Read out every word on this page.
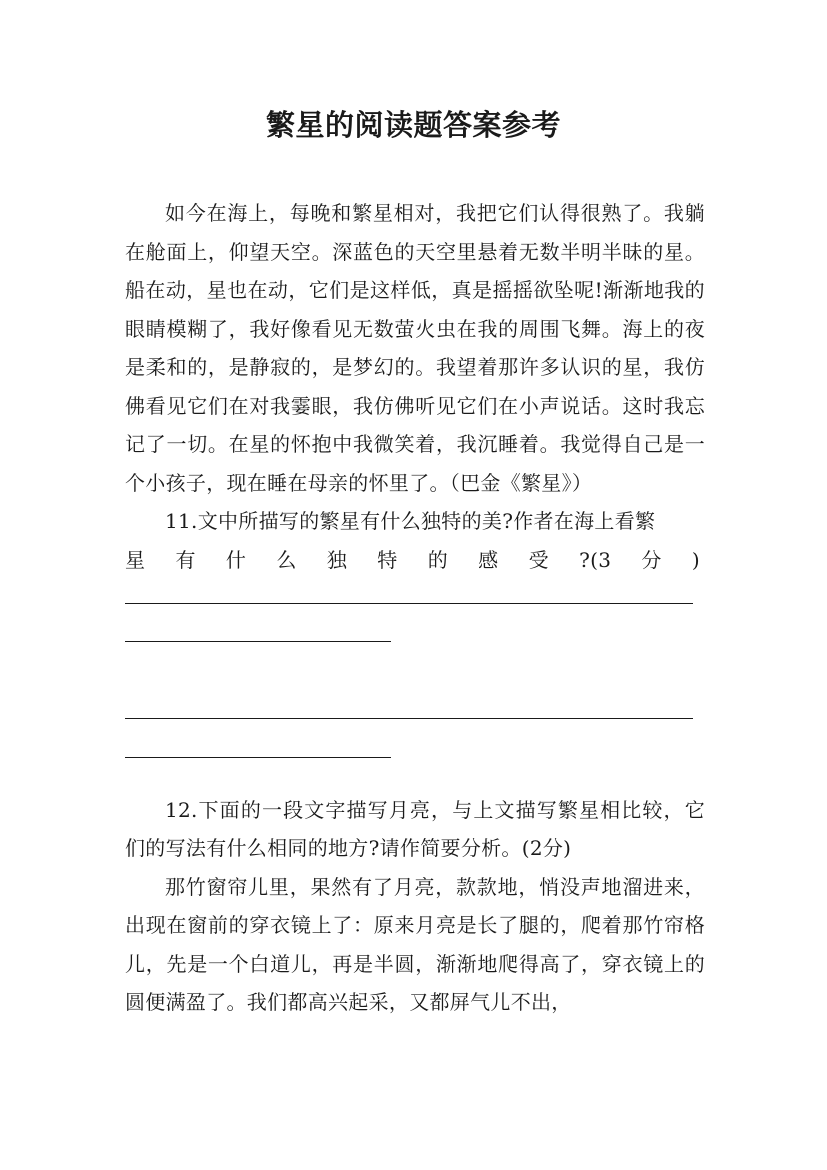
繁星的阅读题答案参考

如今在海上，每晚和繁星相对，我把它们认得很熟了。我躺在舱面上，仰望天空。深蓝色的天空里悬着无数半明半昧的星。船在动，星也在动，它们是这样低，真是摇摇欲坠呢!渐渐地我的眼睛模糊了，我好像看见无数萤火虫在我的周围飞舞。海上的夜是柔和的，是静寂的，是梦幻的。我望着那许多认识的星，我仿佛看见它们在对我霎眼，我仿佛听见它们在小声说话。这时我忘记了一切。在星的怀抱中我微笑着，我沉睡着。我觉得自己是一个小孩子，现在睡在母亲的怀里了。（巴金《繁星》）

11.文中所描写的繁星有什么独特的美?作者在海上看繁

星 有 什 么 独 特 的 感 受 ?(3 分 )

12.下面的一段文字描写月亮，与上文描写繁星相比较，它们的写法有什么相同的地方?请作简要分析。(2分)

那竹窗帘儿里，果然有了月亮，款款地，悄没声地溜进来，出现在窗前的穿衣镜上了：原来月亮是长了腿的，爬着那竹帘格儿，先是一个白道儿，再是半圆，渐渐地爬得高了，穿衣镜上的圆便满盈了。我们都高兴起采，又都屏气儿不出，
